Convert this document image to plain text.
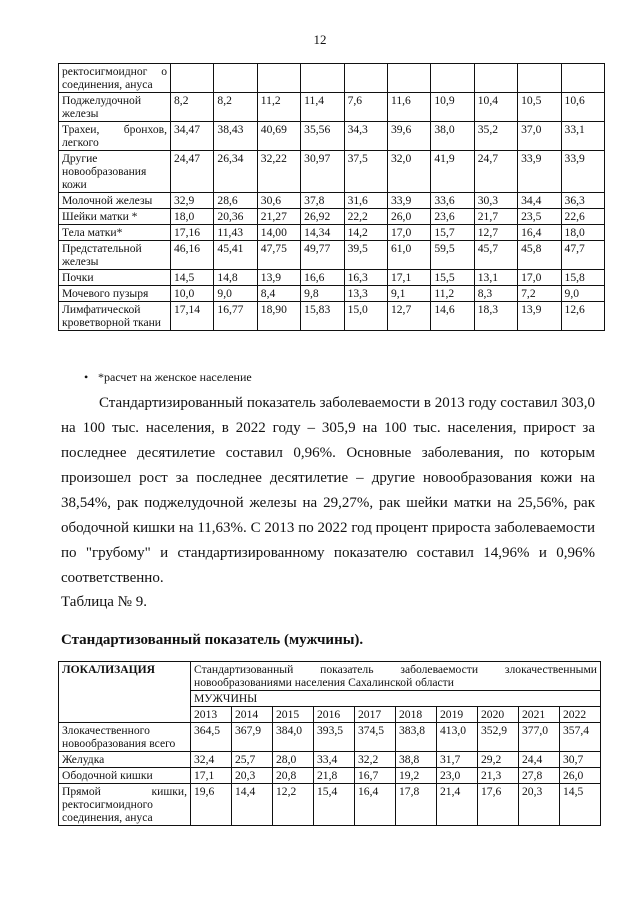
12
ректосигмоидног о соединения, ануса										
Поджелудочной железы	8,2	8,2	11,2	11,4	7,6	11,6	10,9	10,4	10,5	10,6
Трахеи, бронхов, легкого	34,47	38,43	40,69	35,56	34,3	39,6	38,0	35,2	37,0	33,1
Другие новообразования кожи	24,47	26,34	32,22	30,97	37,5	32,0	41,9	24,7	33,9	33,9
Молочной железы	32,9	28,6	30,6	37,8	31,6	33,9	33,6	30,3	34,4	36,3
Шейки матки *	18,0	20,36	21,27	26,92	22,2	26,0	23,6	21,7	23,5	22,6
Тела матки*	17,16	11,43	14,00	14,34	14,2	17,0	15,7	12,7	16,4	18,0
Предстательной железы	46,16	45,41	47,75	49,77	39,5	61,0	59,5	45,7	45,8	47,7
Почки	14,5	14,8	13,9	16,6	16,3	17,1	15,5	13,1	17,0	15,8
Мочевого пузыря	10,0	9,0	8,4	9,8	13,3	9,1	11,2	8,3	7,2	9,0
Лимфатической кроветворной ткани	17,14	16,77	18,90	15,83	15,0	12,7	14,6	18,3	13,9	12,6
• *расчет на женское население
Стандартизированный показатель заболеваемости в 2013 году составил 303,0 на 100 тыс. населения, в 2022 году – 305,9 на 100 тыс. населения, прирост за последнее десятилетие составил 0,96%. Основные заболевания, по которым произошел рост за последнее десятилетие – другие новообразования кожи на 38,54%, рак поджелудочной железы на 29,27%, рак шейки матки на 25,56%, рак ободочной кишки на 11,63%. С 2013 по 2022 год процент прироста заболеваемости по "грубому" и стандартизированному показателю составил 14,96% и 0,96% соответственно.
Таблица № 9.
Стандартизованный показатель (мужчины).
ЛОКАЛИЗАЦИЯ	Стандартизованный показатель заболеваемости злокачественными новообразованиями населения Сахалинской области									
	МУЖЧИНЫ									
	2013	2014	2015	2016	2017	2018	2019	2020	2021	2022
Злокачественного новообразования всего	364,5	367,9	384,0	393,5	374,5	383,8	413,0	352,9	377,0	357,4
Желудка	32,4	25,7	28,0	33,4	32,2	38,8	31,7	29,2	24,4	30,7
Ободочной кишки	17,1	20,3	20,8	21,8	16,7	19,2	23,0	21,3	27,8	26,0
Прямой кишки, ректосигмоидного соединения, ануса	19,6	14,4	12,2	15,4	16,4	17,8	21,4	17,6	20,3	14,5
